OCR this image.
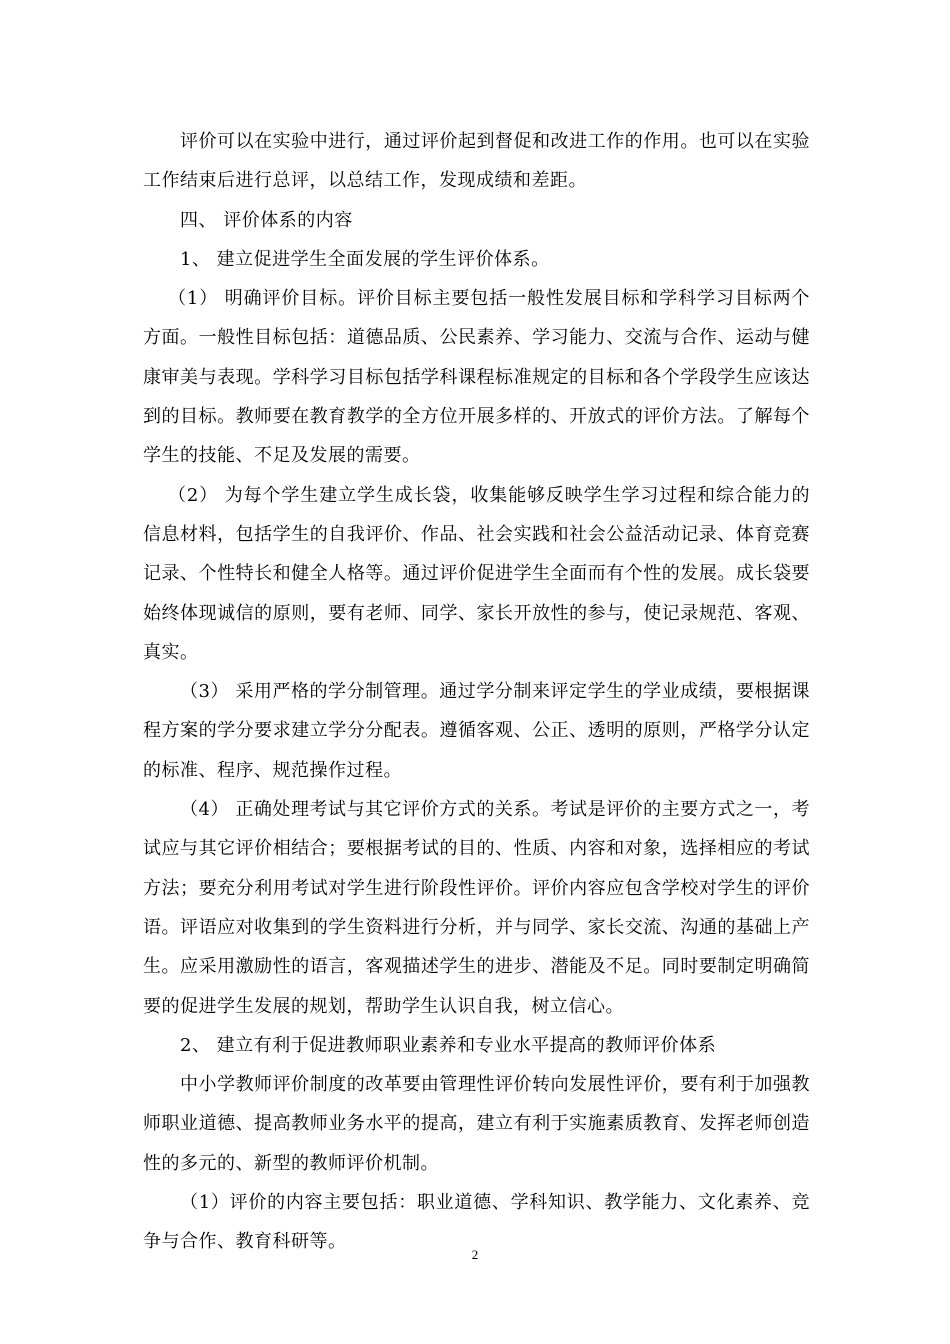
评价可以在实验中进行，通过评价起到督促和改进工作的作用。也可以在实验工作结束后进行总评，以总结工作，发现成绩和差距。

四、 评价体系的内容

1、 建立促进学生全面发展的学生评价体系。

（1） 明确评价目标。评价目标主要包括一般性发展目标和学科学习目标两个方面。一般性目标包括：道德品质、公民素养、学习能力、交流与合作、运动与健康审美与表现。学科学习目标包括学科课程标准规定的目标和各个学段学生应该达到的目标。教师要在教育教学的全方位开展多样的、开放式的评价方法。了解每个学生的技能、不足及发展的需要。

（2） 为每个学生建立学生成长袋，收集能够反映学生学习过程和综合能力的信息材料，包括学生的自我评价、作品、社会实践和社会公益活动记录、体育竞赛记录、个性特长和健全人格等。通过评价促进学生全面而有个性的发展。成长袋要始终体现诚信的原则，要有老师、同学、家长开放性的参与，使记录规范、客观、真实。

（3） 采用严格的学分制管理。通过学分制来评定学生的学业成绩，要根据课程方案的学分要求建立学分分配表。遵循客观、公正、透明的原则，严格学分认定的标准、程序、规范操作过程。

（4） 正确处理考试与其它评价方式的关系。考试是评价的主要方式之一，考试应与其它评价相结合；要根据考试的目的、性质、内容和对象，选择相应的考试方法；要充分利用考试对学生进行阶段性评价。评价内容应包含学校对学生的评价语。评语应对收集到的学生资料进行分析，并与同学、家长交流、沟通的基础上产生。应采用激励性的语言，客观描述学生的进步、潜能及不足。同时要制定明确简要的促进学生发展的规划，帮助学生认识自我，树立信心。

2、 建立有利于促进教师职业素养和专业水平提高的教师评价体系

中小学教师评价制度的改革要由管理性评价转向发展性评价，要有利于加强教师职业道德、提高教师业务水平的提高，建立有利于实施素质教育、发挥老师创造性的多元的、新型的教师评价机制。

（1）评价的内容主要包括：职业道德、学科知识、教学能力、文化素养、竞争与合作、教育科研等。

2
